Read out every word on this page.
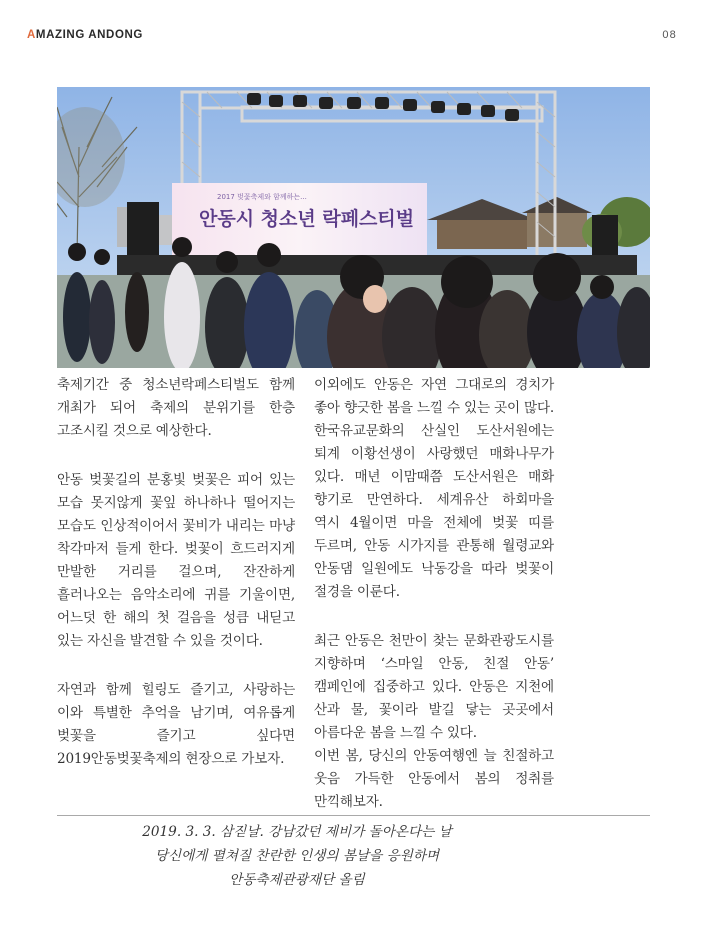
AMAZING ANDONG	08
2017 벚꽃축제와 함께하는...
안동시 청소년 락페스티벌

축제기간 중 청소년락페스티벌도 함께 개최가 되어 축제의 분위기를 한층 고조시킬 것으로 예상한다.

안동 벚꽃길의 분홍빛 벚꽃은 피어 있는 모습 못지않게 꽃잎 하나하나 떨어지는 모습도 인상적이어서 꽃비가 내리는 마냥 착각마저 들게 한다. 벚꽃이 흐드러지게 만발한 거리를 걸으며, 잔잔하게 흘러나오는 음악소리에 귀를 기울이면, 어느덧 한 해의 첫 걸음을 성큼 내딛고 있는 자신을 발견할 수 있을 것이다.

자연과 함께 힐링도 즐기고, 사랑하는 이와 특별한 추억을 남기며, 여유롭게 벚꽃을 즐기고 싶다면 2019안동벚꽃축제의 현장으로 가보자.

이외에도 안동은 자연 그대로의 경치가 좋아 향긋한 봄을 느낄 수 있는 곳이 많다. 한국유교문화의 산실인 도산서원에는 퇴계 이황선생이 사랑했던 매화나무가 있다. 매년 이맘때쯤 도산서원은 매화 향기로 만연하다. 세계유산 하회마을 역시 4월이면 마을 전체에 벚꽃 띠를 두르며, 안동 시가지를 관통해 월령교와 안동댐 일원에도 낙동강을 따라 벚꽃이 절경을 이룬다.

최근 안동은 천만이 찾는 문화관광도시를 지향하며 ‘스마일 안동, 친절 안동’ 캠페인에 집중하고 있다. 안동은 지천에 산과 물, 꽃이라 발길 닿는 곳곳에서 아름다운 봄을 느낄 수 있다.

이번 봄, 당신의 안동여행엔 늘 친절하고 웃음 가득한 안동에서 봄의 정취를 만끽해보자.

2019. 3. 3. 삼짇날. 강남갔던 제비가 돌아온다는 날
당신에게 펼쳐질 찬란한 인생의 봄날을 응원하며
안동축제관광재단 올림
